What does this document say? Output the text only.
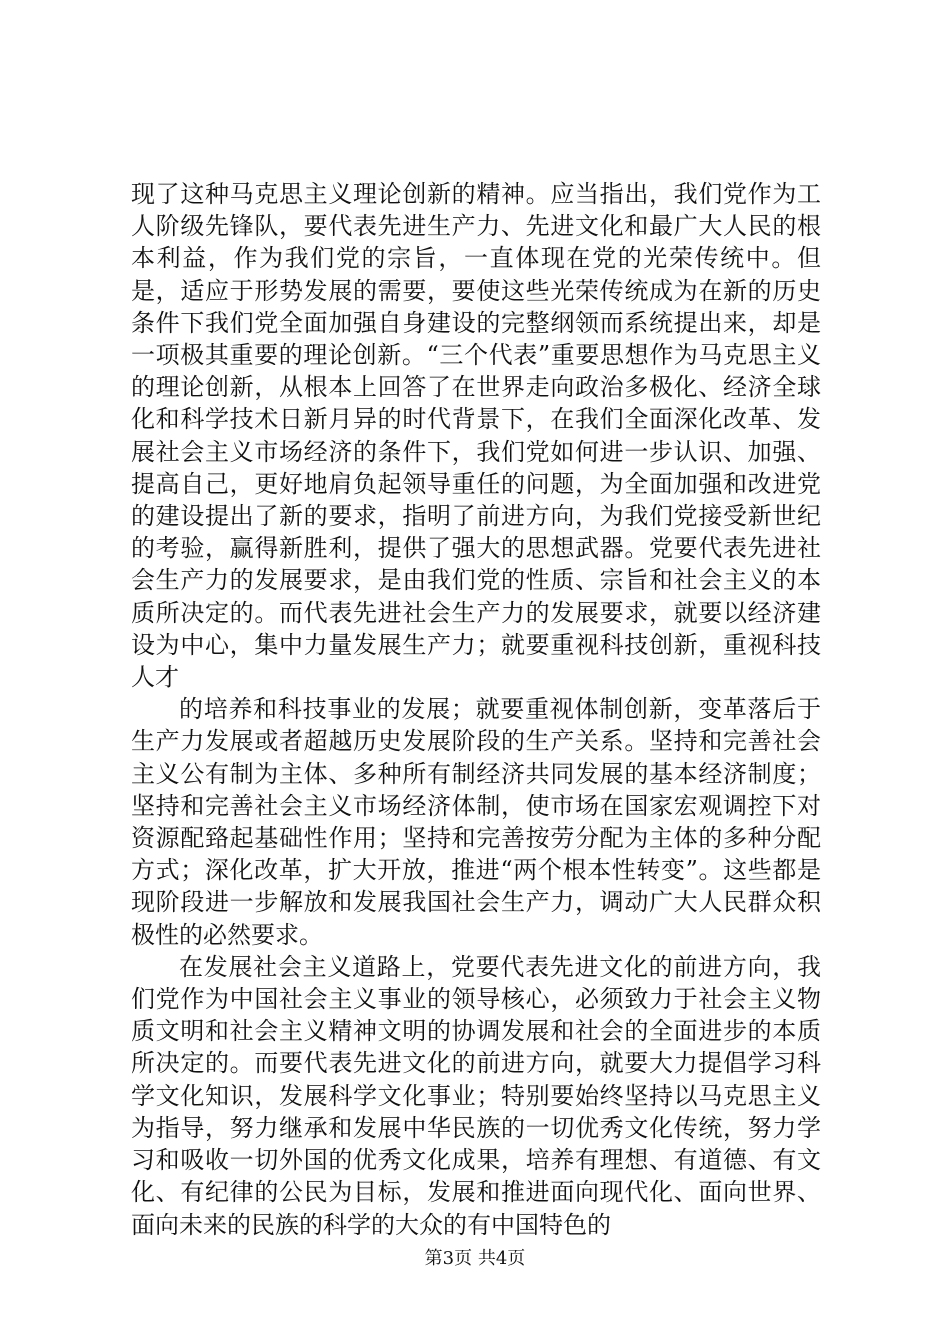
现了这种马克思主义理论创新的精神。应当指出，我们党作为工人阶级先锋队，要代表先进生产力、先进文化和最广大人民的根本利益，作为我们党的宗旨，一直体现在党的光荣传统中。但是，适应于形势发展的需要，要使这些光荣传统成为在新的历史条件下我们党全面加强自身建设的完整纲领而系统提出来，却是一项极其重要的理论创新。“三个代表”重要思想作为马克思主义的理论创新，从根本上回答了在世界走向政治多极化、经济全球化和科学技术日新月异的时代背景下，在我们全面深化改革、发展社会主义市场经济的条件下，我们党如何进一步认识、加强、提高自己，更好地肩负起领导重任的问题，为全面加强和改进党的建设提出了新的要求，指明了前进方向，为我们党接受新世纪的考验，赢得新胜利，提供了强大的思想武器。党要代表先进社会生产力的发展要求，是由我们党的性质、宗旨和社会主义的本质所决定的。而代表先进社会生产力的发展要求，就要以经济建设为中心，集中力量发展生产力；就要重视科技创新，重视科技人才

的培养和科技事业的发展；就要重视体制创新，变革落后于生产力发展或者超越历史发展阶段的生产关系。坚持和完善社会主义公有制为主体、多种所有制经济共同发展的基本经济制度；坚持和完善社会主义市场经济体制，使市场在国家宏观调控下对资源配臵起基础性作用；坚持和完善按劳分配为主体的多种分配方式；深化改革，扩大开放，推进“两个根本性转变”。这些都是现阶段进一步解放和发展我国社会生产力，调动广大人民群众积极性的必然要求。

在发展社会主义道路上，党要代表先进文化的前进方向，我们党作为中国社会主义事业的领导核心，必须致力于社会主义物质文明和社会主义精神文明的协调发展和社会的全面进步的本质所决定的。而要代表先进文化的前进方向，就要大力提倡学习科学文化知识，发展科学文化事业；特别要始终坚持以马克思主义为指导，努力继承和发展中华民族的一切优秀文化传统，努力学习和吸收一切外国的优秀文化成果，培养有理想、有道德、有文化、有纪律的公民为目标，发展和推进面向现代化、面向世界、面向未来的民族的科学的大众的有中国特色的

第3页 共4页
